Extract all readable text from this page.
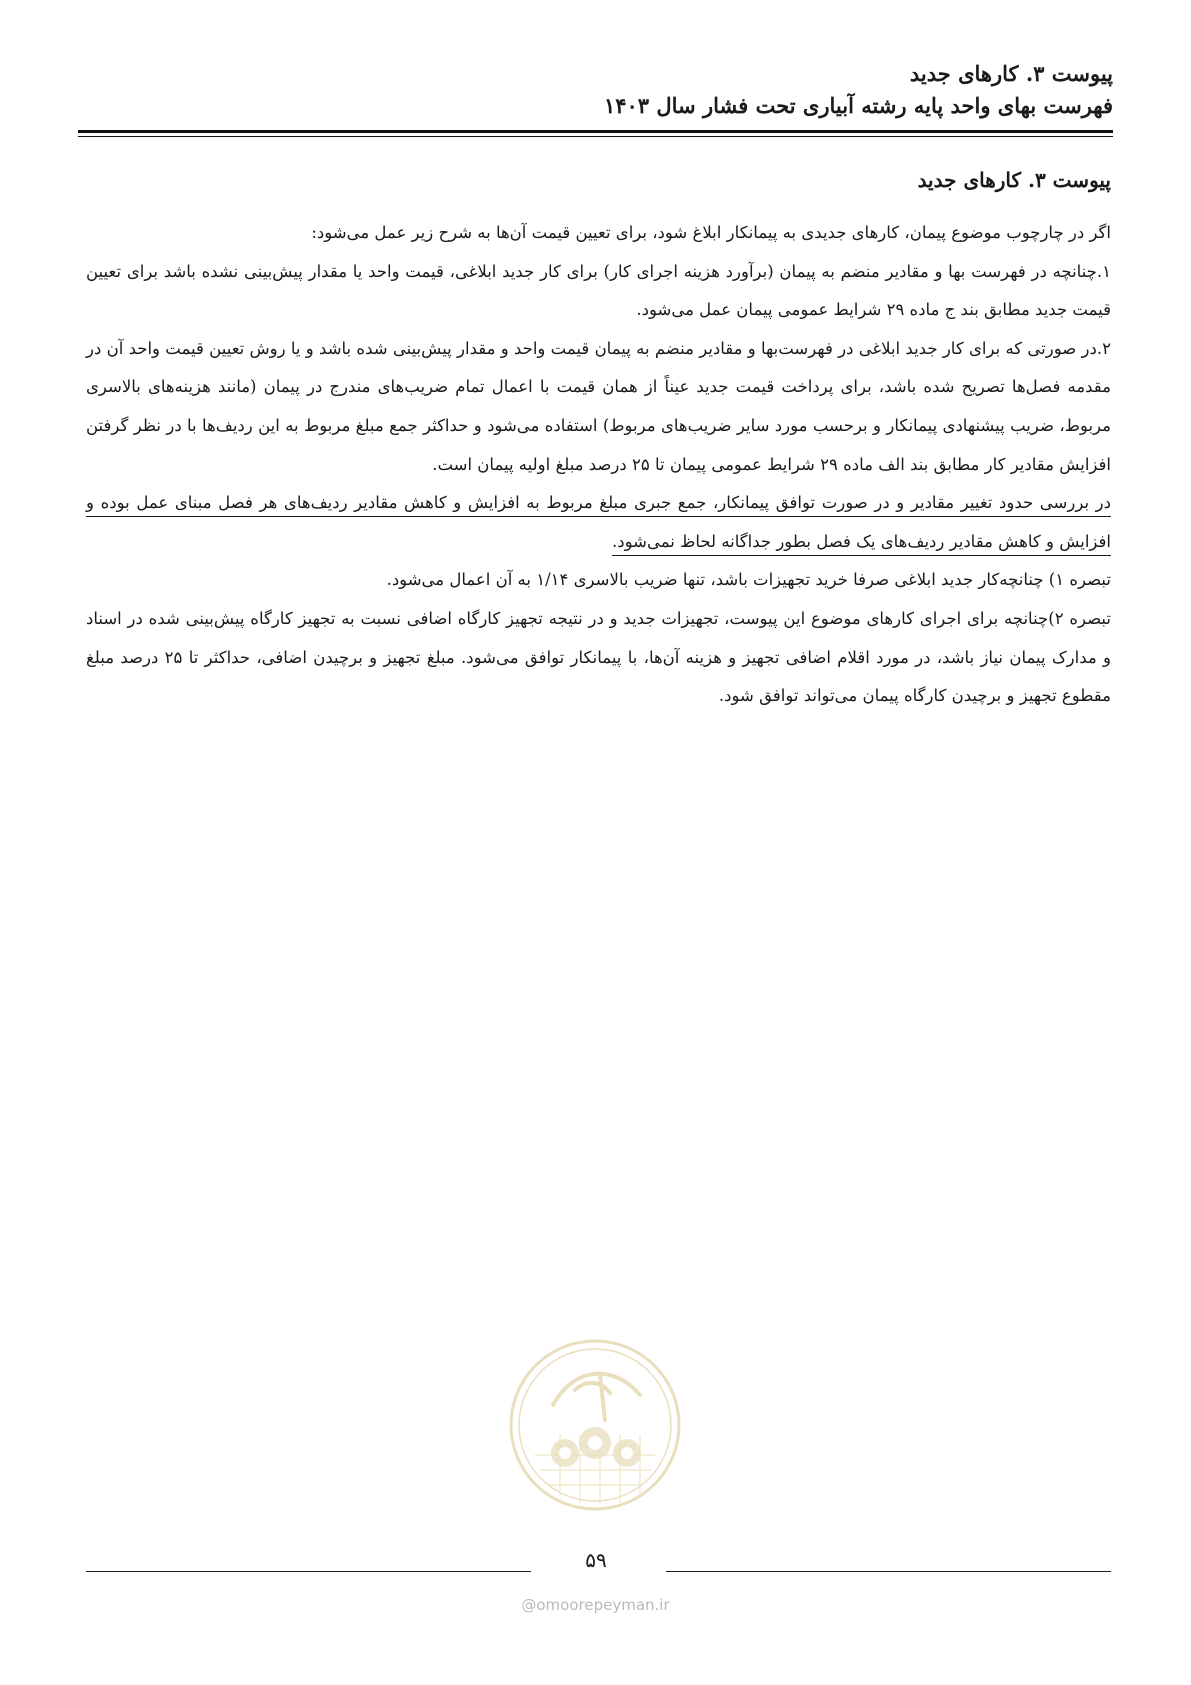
پیوست ۳. کارهای جدید
فهرست بهای واحد پایه رشته آبیاری تحت فشار سال ۱۴۰۳
پیوست ۳. کارهای جدید

اگر در چارچوب موضوع پیمان، کارهای جدیدی به پیمانکار ابلاغ شود، برای تعیین قیمت آن‌ها به شرح زیر عمل می‌شود:

۱.چنانچه در فهرست بها و مقادیر منضم به پیمان (برآورد هزینه اجرای کار) برای کار جدید ابلاغی، قیمت واحد یا مقدار پیش‌بینی نشده باشد برای تعیین قیمت جدید مطابق بند ج ماده ۲۹ شرایط عمومی پیمان عمل می‌شود.

۲.در صورتی که برای کار جدید ابلاغی در فهرست‌بها و مقادیر منضم به پیمان قیمت واحد و مقدار پیش‌بینی شده باشد و یا روش تعیین قیمت واحد آن در مقدمه فصل‌ها تصریح شده باشد، برای پرداخت قیمت جدید عیناً از همان قیمت با اعمال تمام ضریب‌های مندرج در پیمان (مانند هزینه‌های بالاسری مربوط، ضریب پیشنهادی پیمانکار و برحسب مورد سایر ضریب‌های مربوط) استفاده می‌شود و حداکثر جمع مبلغ مربوط به این ردیف‌ها با در نظر گرفتن افزایش مقادیر کار مطابق بند الف ماده ۲۹ شرایط عمومی پیمان تا ۲۵ درصد مبلغ اولیه پیمان است.

در بررسی حدود تغییر مقادیر و در صورت توافق پیمانکار، جمع جبری مبلغ مربوط به افزایش و کاهش مقادیر ردیف‌های هر فصل مبنای عمل بوده و افزایش و کاهش مقادیر ردیف‌های یک فصل بطور جداگانه لحاظ نمی‌شود.

تبصره ۱) چنانچه‌کار جدید ابلاغی صرفا خرید تجهیزات باشد، تنها ضریب بالاسری ۱/۱۴ به آن اعمال می‌شود.

تبصره ۲)چنانچه برای اجرای کارهای موضوع این پیوست، تجهیزات جدید و در نتیجه تجهیز کارگاه اضافی نسبت به تجهیز کارگاه پیش‌بینی شده در اسناد و مدارک پیمان نیاز باشد، در مورد اقلام اضافی تجهیز و هزینه آن‌ها، با پیمانکار توافق می‌شود. مبلغ تجهیز و برچیدن اضافی، حداکثر تا ۲۵ درصد مبلغ مقطوع تجهیز و برچیدن کارگاه پیمان می‌تواند توافق شود.

۵۹
@omoorepeyman.ir
